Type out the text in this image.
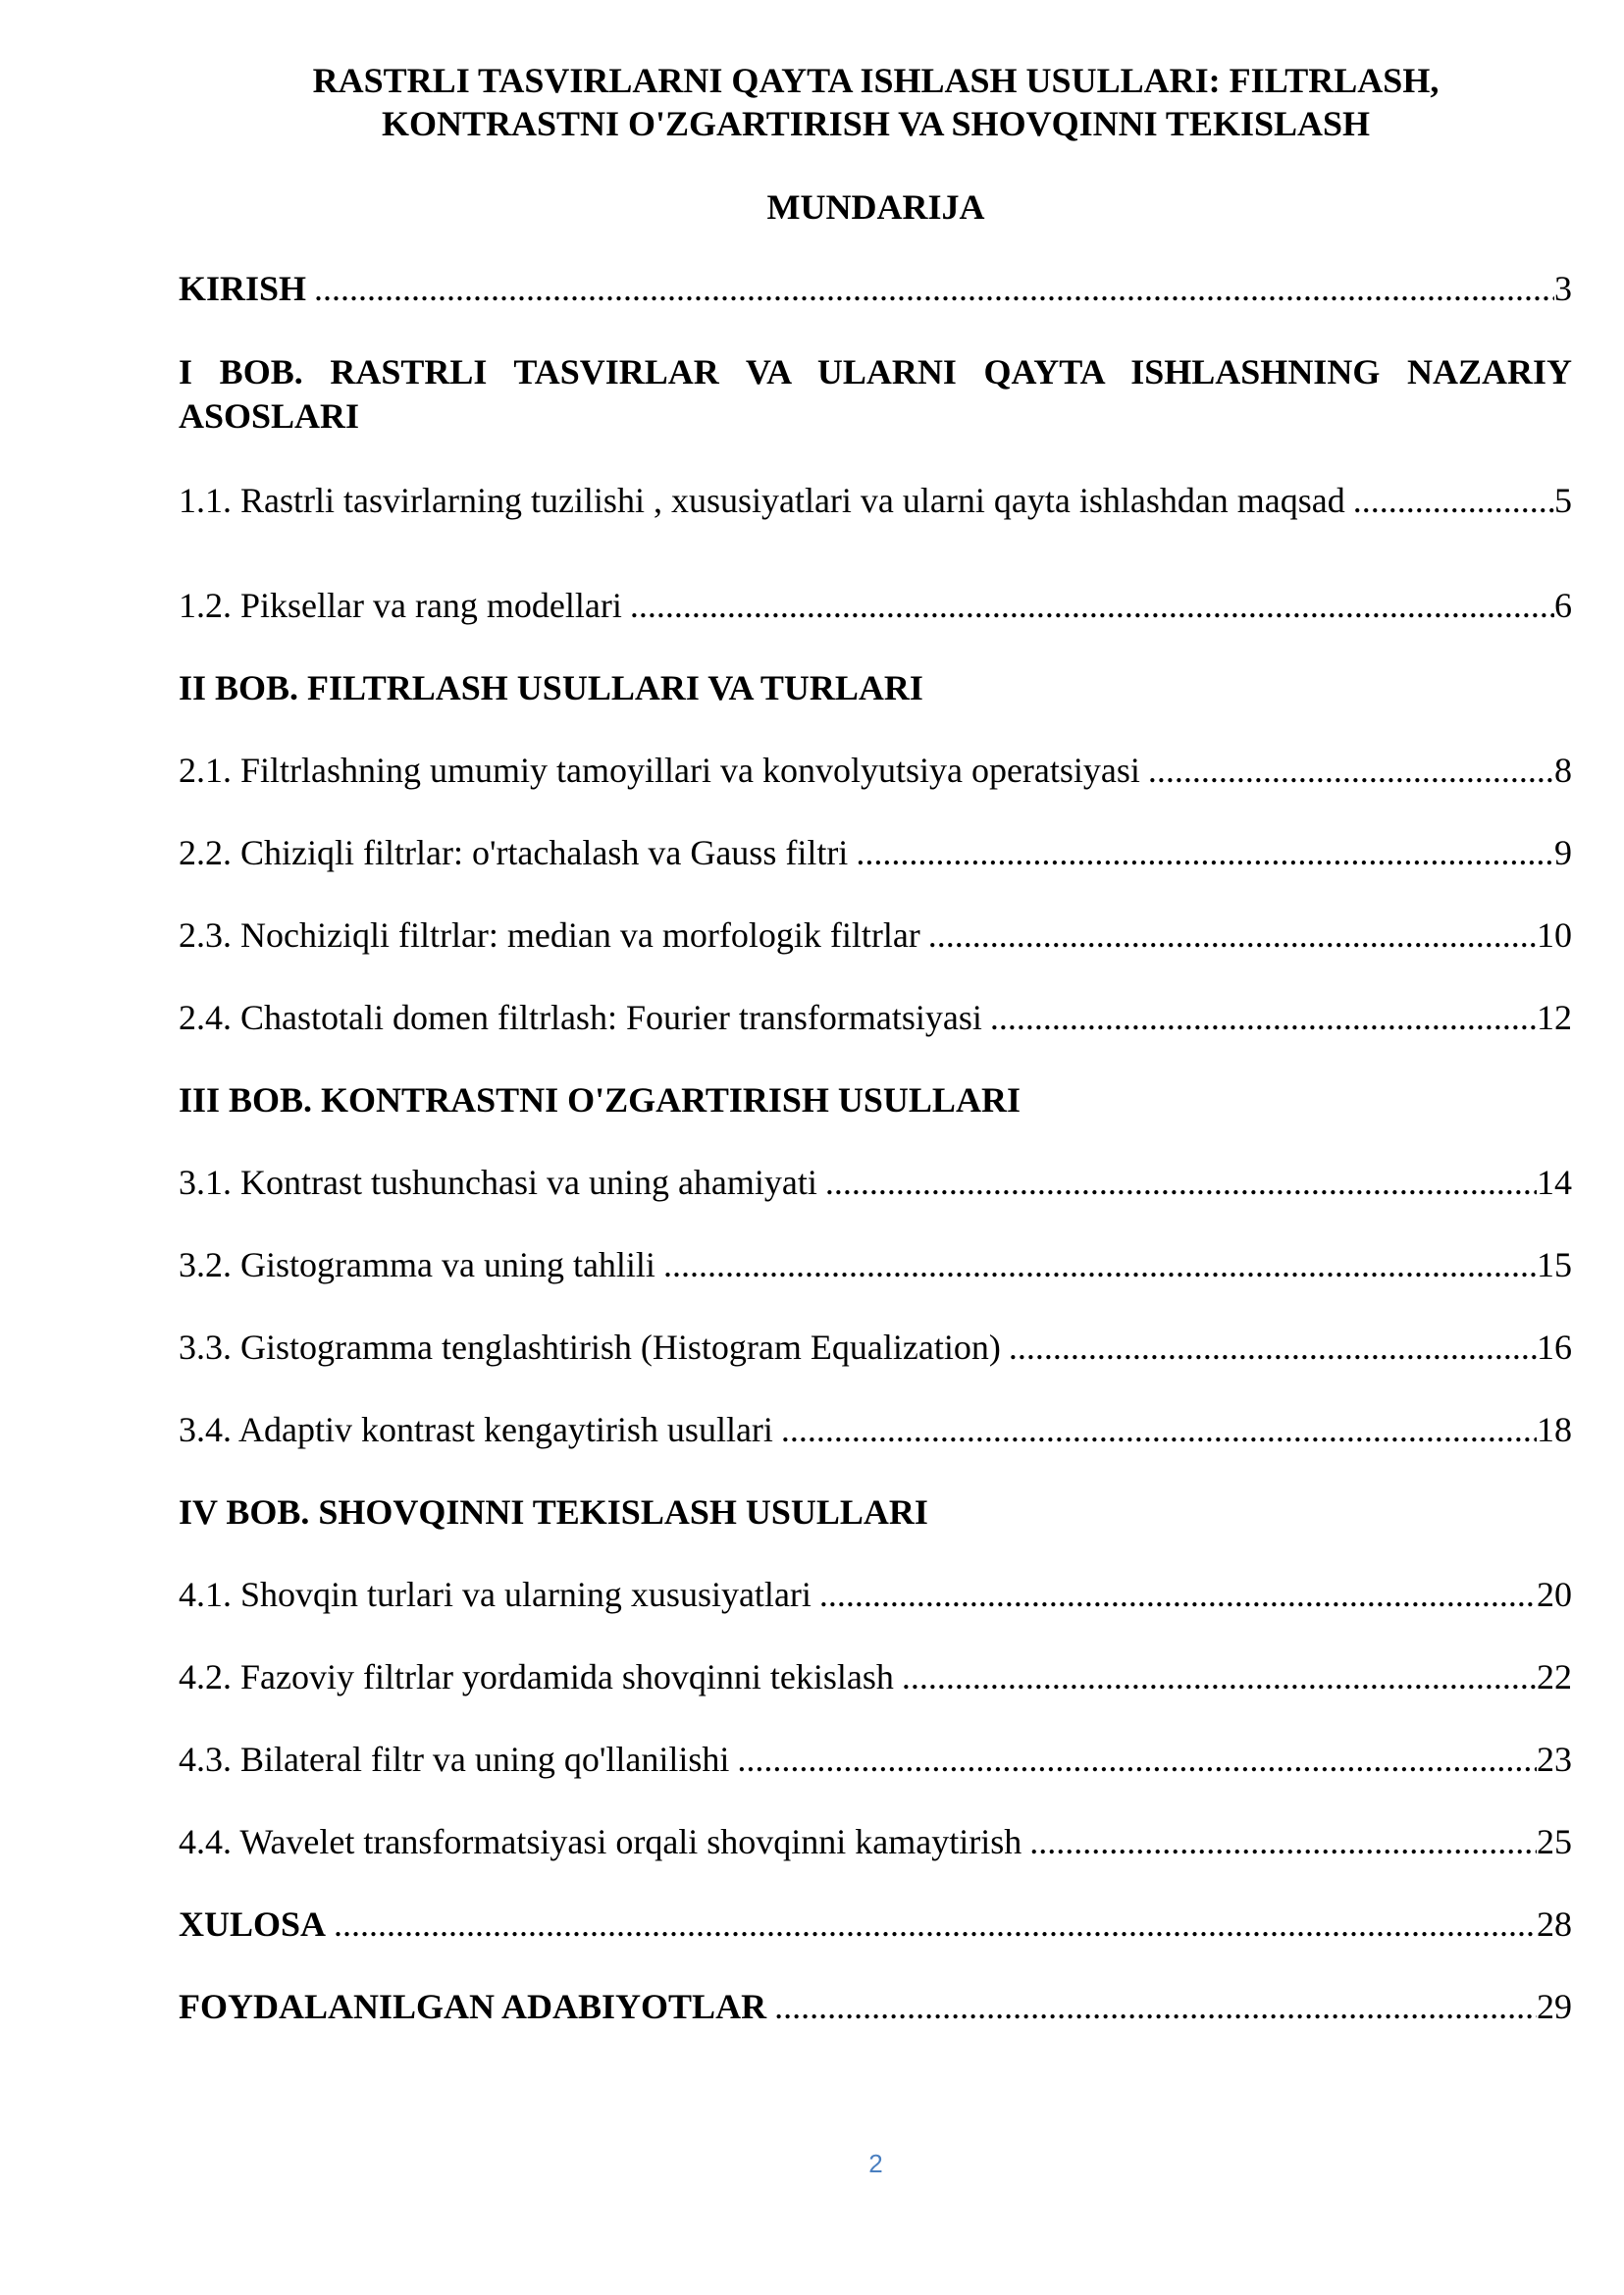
RASTRLI TASVIRLARNI QAYTA ISHLASH USULLARI: FILTRLASH,
KONTRASTNI O'ZGARTIRISH VA SHOVQINNI TEKISLASH
MUNDARIJA
KIRISH .....	3
I BOB. RASTRLI TASVIRLAR VA ULARNI QAYTA ISHLASHNING NAZARIY ASOSLARI
1.1. Rastrli tasvirlarning tuzilishi , xususiyatlari va ularni qayta ishlashdan maqsad .....	5
1.2. Piksellar va rang modellari .....	6
II BOB. FILTRLASH USULLARI VA TURLARI
2.1. Filtrlashning umumiy tamoyillari va konvolyutsiya operatsiyasi .....	8
2.2. Chiziqli filtrlar: o'rtachalash va Gauss filtri .....	9
2.3. Nochiziqli filtrlar: median va morfologik filtrlar .....	10
2.4. Chastotali domen filtrlash: Fourier transformatsiyasi .....	12
III BOB. KONTRASTNI O'ZGARTIRISH USULLARI
3.1. Kontrast tushunchasi va uning ahamiyati .....	14
3.2. Gistogramma va uning tahlili .....	15
3.3. Gistogramma tenglashtirish (Histogram Equalization) .....	16
3.4. Adaptiv kontrast kengaytirish usullari .....	18
IV BOB. SHOVQINNI TEKISLASH USULLARI
4.1. Shovqin turlari va ularning xususiyatlari .....	20
4.2. Fazoviy filtrlar yordamida shovqinni tekislash .....	22
4.3. Bilateral filtr va uning qo'llanilishi .....	23
4.4. Wavelet transformatsiyasi orqali shovqinni kamaytirish .....	25
XULOSA .....	28
FOYDALANILGAN ADABIYOTLAR .....	29
2
